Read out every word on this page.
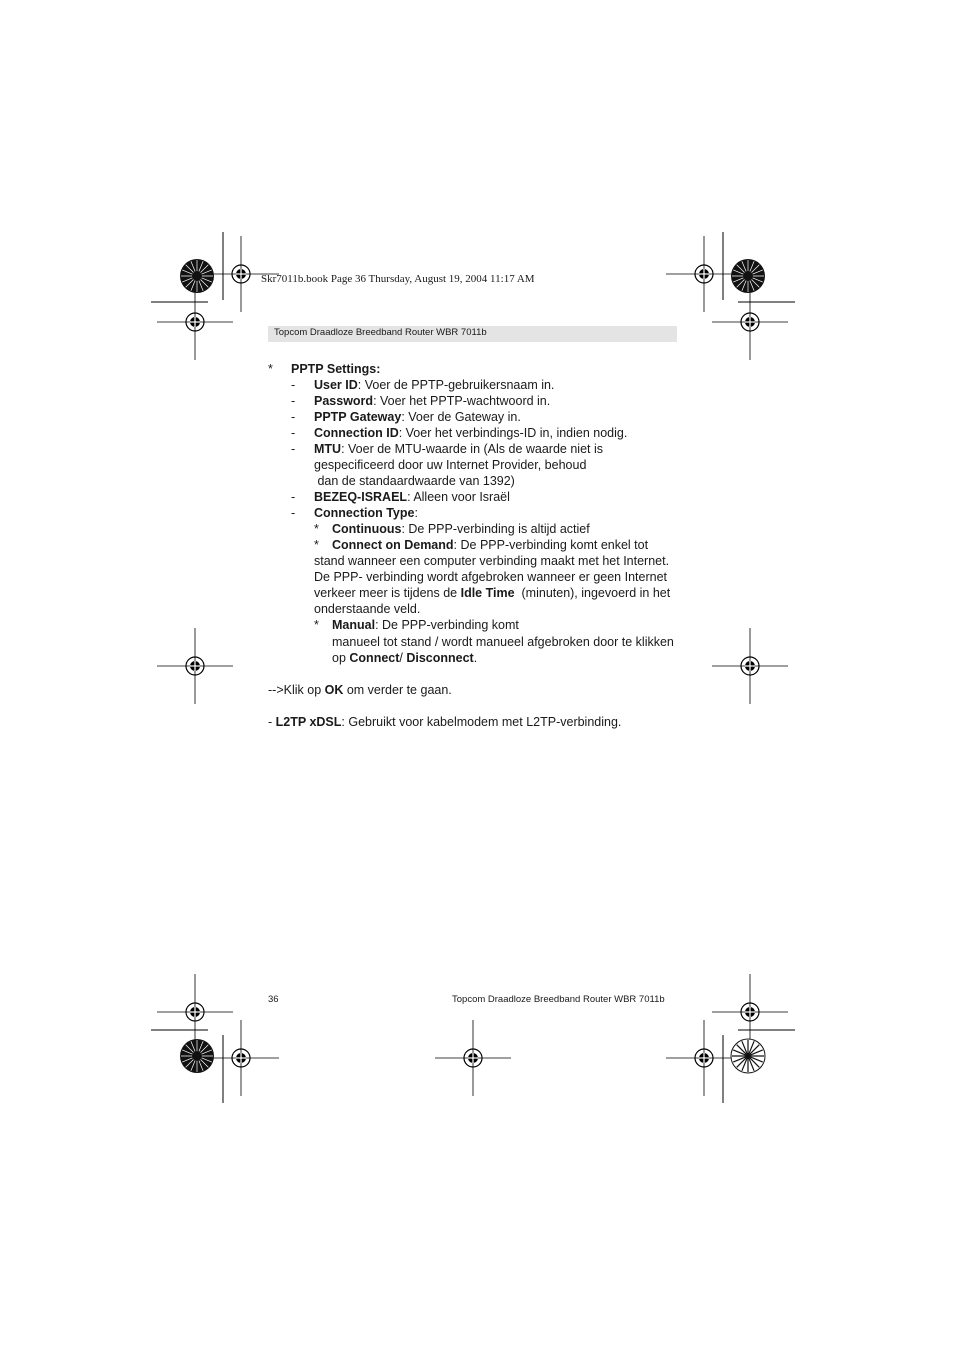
Skr7011b.book Page 36 Thursday, August 19, 2004 11:17 AM
Topcom Draadloze Breedband Router WBR 7011b
* PPTP Settings:
- User ID: Voer de PPTP-gebruikersnaam in.
- Password: Voer het PPTP-wachtwoord in.
- PPTP Gateway: Voer de Gateway in.
- Connection ID: Voer het verbindings-ID in, indien nodig.
- MTU: Voer de MTU-waarde in (Als de waarde niet is
gespecificeerd door uw Internet Provider, behoud
dan de standaardwaarde van 1392)
- BEZEQ-ISRAEL: Alleen voor Israël
- Connection Type:
* Continuous: De PPP-verbinding is altijd actief
* Connect on Demand: De PPP-verbinding komt enkel tot
stand wanneer een computer verbinding maakt met het Internet.
De PPP- verbinding wordt afgebroken wanneer er geen Internet
verkeer meer is tijdens de Idle Time  (minuten), ingevoerd in het
onderstaande veld.
* Manual: De PPP-verbinding komt
manueel tot stand / wordt manueel afgebroken door te klikken
op Connect/ Disconnect.
-->Klik op OK om verder te gaan.
- L2TP xDSL: Gebruikt voor kabelmodem met L2TP-verbinding.
36	Topcom Draadloze Breedband Router WBR 7011b
